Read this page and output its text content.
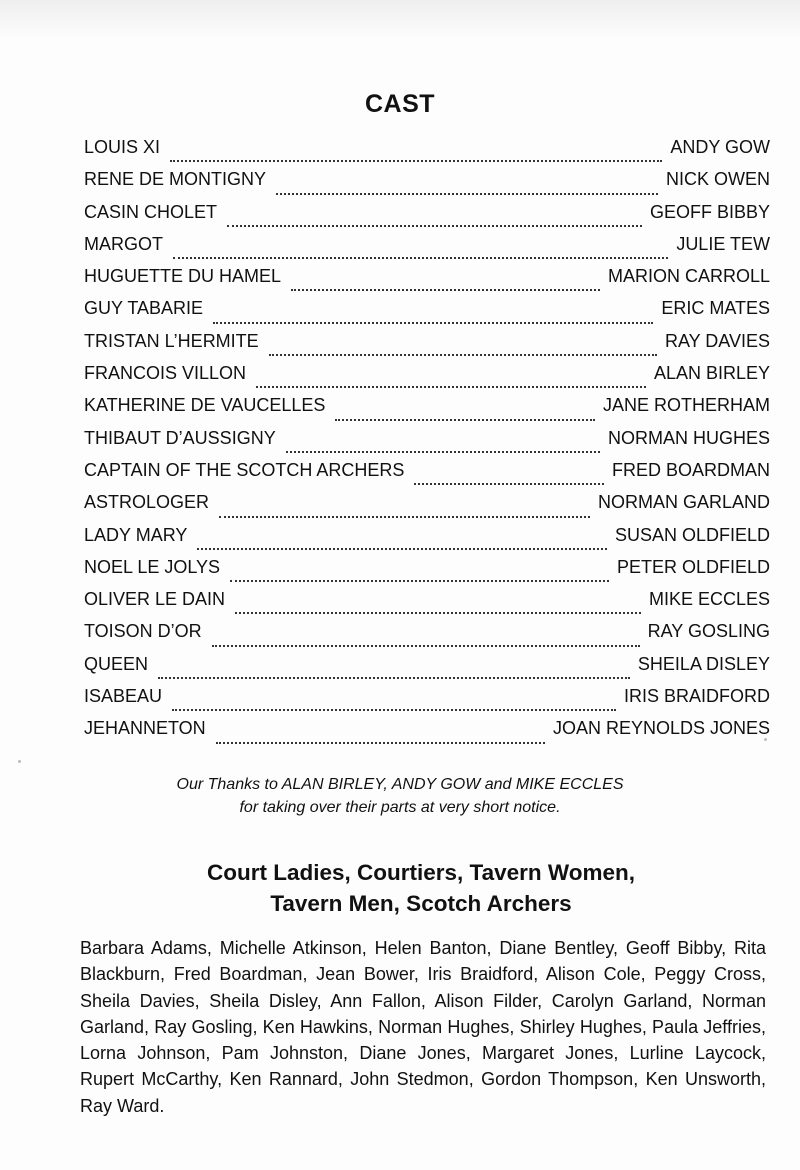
CAST
LOUIS XI	ANDY GOW
RENE DE MONTIGNY	NICK OWEN
CASIN CHOLET	GEOFF BIBBY
MARGOT	JULIE TEW
HUGUETTE DU HAMEL	MARION CARROLL
GUY TABARIE	ERIC MATES
TRISTAN L’HERMITE	RAY DAVIES
FRANCOIS VILLON	ALAN BIRLEY
KATHERINE DE VAUCELLES	JANE ROTHERHAM
THIBAUT D’AUSSIGNY	NORMAN HUGHES
CAPTAIN OF THE SCOTCH ARCHERS	FRED BOARDMAN
ASTROLOGER	NORMAN GARLAND
LADY MARY	SUSAN OLDFIELD
NOEL LE JOLYS	PETER OLDFIELD
OLIVER LE DAIN	MIKE ECCLES
TOISON D’OR	RAY GOSLING
QUEEN	SHEILA DISLEY
ISABEAU	IRIS BRAIDFORD
JEHANNETON	JOAN REYNOLDS JONES
Our Thanks to ALAN BIRLEY, ANDY GOW and MIKE ECCLES
for taking over their parts at very short notice.
Court Ladies, Courtiers, Tavern Women,
Tavern Men, Scotch Archers
Barbara Adams, Michelle Atkinson, Helen Banton, Diane Bentley, Geoff Bibby, Rita Blackburn, Fred Boardman, Jean Bower, Iris Braidford, Alison Cole, Peggy Cross, Sheila Davies, Sheila Disley, Ann Fallon, Alison Filder, Carolyn Garland, Norman Garland, Ray Gosling, Ken Hawkins, Norman Hughes, Shirley Hughes, Paula Jeffries, Lorna Johnson, Pam Johnston, Diane Jones, Margaret Jones, Lurline Laycock, Rupert McCarthy, Ken Rannard, John Stedmon, Gordon Thompson, Ken Unsworth, Ray Ward.
